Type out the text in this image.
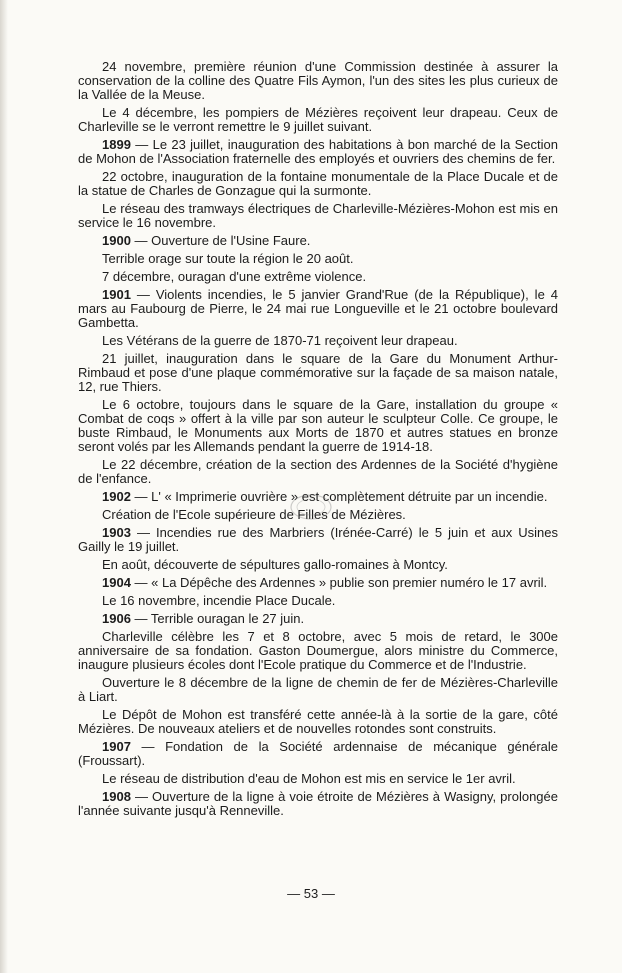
24 novembre, première réunion d'une Commission destinée à assurer la conservation de la colline des Quatre Fils Aymon, l'un des sites les plus curieux de la Vallée de la Meuse.

Le 4 décembre, les pompiers de Mézières reçoivent leur drapeau. Ceux de Charleville se le verront remettre le 9 juillet suivant.

1899 — Le 23 juillet, inauguration des habitations à bon marché de la Section de Mohon de l'Association fraternelle des employés et ouvriers des chemins de fer.

22 octobre, inauguration de la fontaine monumentale de la Place Ducale et de la statue de Charles de Gonzague qui la surmonte.

Le réseau des tramways électriques de Charleville-Mézières-Mohon est mis en service le 16 novembre.

1900 — Ouverture de l'Usine Faure.

Terrible orage sur toute la région le 20 août.

7 décembre, ouragan d'une extrême violence.

1901 — Violents incendies, le 5 janvier Grand'Rue (de la République), le 4 mars au Faubourg de Pierre, le 24 mai rue Longueville et le 21 octobre boulevard Gambetta.

Les Vétérans de la guerre de 1870-71 reçoivent leur drapeau.

21 juillet, inauguration dans le square de la Gare du Monument Arthur-Rimbaud et pose d'une plaque commémorative sur la façade de sa maison natale, 12, rue Thiers.

Le 6 octobre, toujours dans le square de la Gare, installation du groupe « Combat de coqs » offert à la ville par son auteur le sculpteur Colle. Ce groupe, le buste Rimbaud, le Monuments aux Morts de 1870 et autres statues en bronze seront volés par les Allemands pendant la guerre de 1914-18.

Le 22 décembre, création de la section des Ardennes de la Société d'hygiène de l'enfance.

1902 — L' « Imprimerie ouvrière » est complètement détruite par un incendie.

Création de l'Ecole supérieure de Filles de Mézières.

1903 — Incendies rue des Marbriers (Irénée-Carré) le 5 juin et aux Usines Gailly le 19 juillet.

En août, découverte de sépultures gallo-romaines à Montcy.

1904 — « La Dépêche des Ardennes » publie son premier numéro le 17 avril.

Le 16 novembre, incendie Place Ducale.

1906 — Terrible ouragan le 27 juin.

Charleville célèbre les 7 et 8 octobre, avec 5 mois de retard, le 300e anniversaire de sa fondation. Gaston Doumergue, alors ministre du Commerce, inaugure plusieurs écoles dont l'Ecole pratique du Commerce et de l'Industrie.

Ouverture le 8 décembre de la ligne de chemin de fer de Mézières-Charleville à Liart.

Le Dépôt de Mohon est transféré cette année-là à la sortie de la gare, côté Mézières. De nouveaux ateliers et de nouvelles rotondes sont construits.

1907 — Fondation de la Société ardennaise de mécanique générale (Froussart).

Le réseau de distribution d'eau de Mohon est mis en service le 1er avril.

1908 — Ouverture de la ligne à voie étroite de Mézières à Wasigny, prolongée l'année suivante jusqu'à Renneville.

— 53 —
